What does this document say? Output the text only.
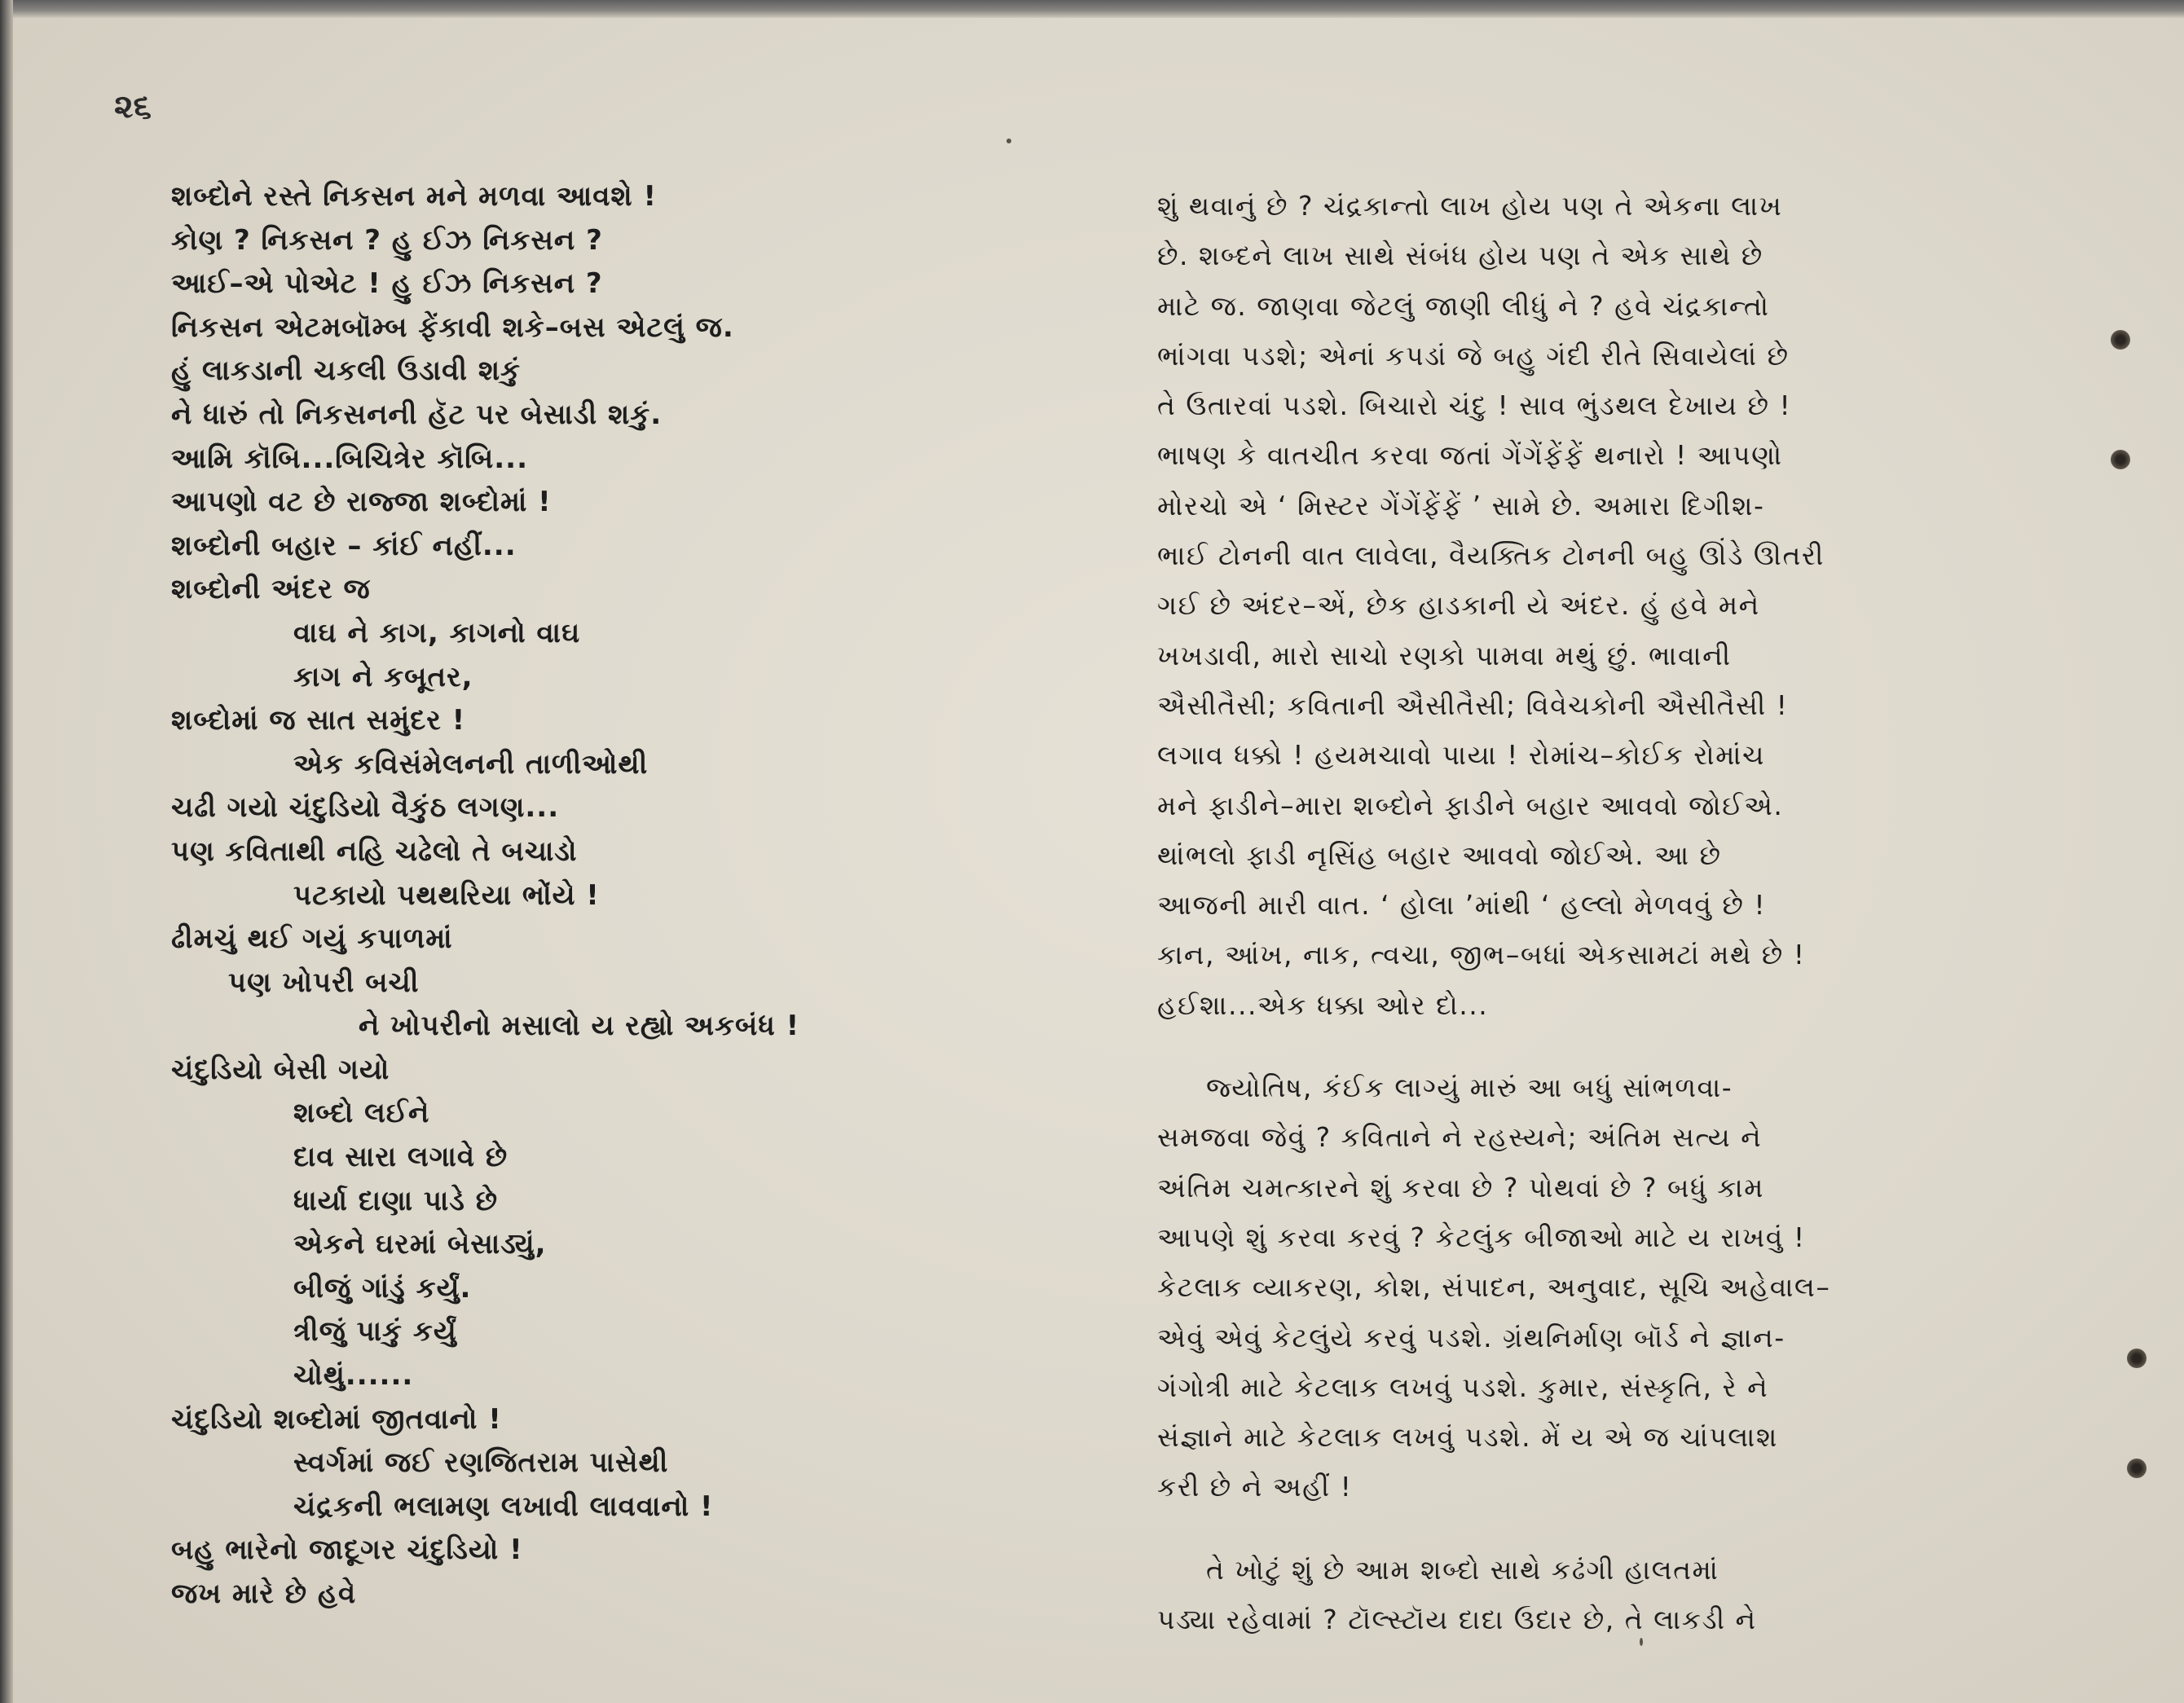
૨૬
શબ્દોને રસ્તે નિકસન મને મળવા આવશે !
કોણ ? નિકસન ? હુ ઈઝ નિકસન ?
આઈ–એ પોએટ ! હુ ઈઝ નિકસન ?
નિકસન એટમબૉમ્બ ફેંકાવી શકે–બસ એટલું જ.
હું લાકડાની ચકલી ઉડાવી શકું
ને ધારું તો નિકસનની હૅટ પર બેસાડી શકું.
આમિ કૉબિ...બિચિત્રેર કૉબિ...
આપણો વટ છે રાજ્જા શબ્દોમાં !
શબ્દોની બહાર – કાંઈ નહીં...
શબ્દોની અંદર જ
વાઘ ને કાગ, કાગનો વાઘ
કાગ ને કબૂતર,
શબ્દોમાં જ સાત સમુંદર !
એક કવિસંમેલનની તાળીઓથી
ચઢી ગયો ચંદુડિયો વૈકુંઠ લગણ...
પણ કવિતાથી નહિ ચઢેલો તે બચાડો
પટકાયો પથથરિયા ભોંયે !
ઢીમચું થઈ ગયું કપાળમાં
પણ ખોપરી બચી
ને ખોપરીનો મસાલો ય રહ્યો અકબંધ !
ચંદુડિયો બેસી ગયો
શબ્દો લઈને
દાવ સારા લગાવે છે
ધાર્યા દાણા પાડે છે
એકને ઘરમાં બેસાડ્યું,
બીજું ગાંડું કર્યું.
ત્રીજું પાકું કર્યું
ચોથું......
ચંદુડિયો શબ્દોમાં જીતવાનો !
સ્વર્ગમાં જઈ રણજિતરામ પાસેથી
ચંદ્રકની ભલામણ લખાવી લાવવાનો !
બહુ ભારેનો જાદૂગર ચંદુડિયો !
જખ મારે છે હવે
શું થવાનું છે ? ચંદ્રકાન્તો લાખ હોય પણ તે એકના લાખ
છે. શબ્દને લાખ સાથે સંબંધ હોય પણ તે એક સાથે છે
માટે જ. જાણવા જેટલું જાણી લીધું ને ? હવે ચંદ્રકાન્તો
ભાંગવા પડશે; એનાં કપડાં જે બહુ ગંદી રીતે સિવાયેલાં છે
તે ઉતારવાં પડશે. બિચારો ચંદુ ! સાવ ભુંડથલ દેખાય છે !
ભાષણ કે વાતચીત કરવા જતાં ગેંગેંફેંફેં થનારો ! આપણો
મોરચો એ ‘ મિસ્ટર ગેંગેંફેંફેં ’ સામે છે. અમારા દિગીશ-
ભાઈ ટોનની વાત લાવેલા, વૈયક્તિક ટોનની બહુ ઊંડે ઊતરી
ગઈ છે અંદર–એં, છેક હાડકાની યે અંદર. હું હવે મને
ખખડાવી, મારો સાચો રણકો પામવા મથું છું. ભાવાની
ઐસીતૈસી; કવિતાની ઐસીતૈસી; વિવેચકોની ઐસીતૈસી !
લગાવ ધક્કો ! હયમચાવો પાયા ! રોમાંચ–કોઈક રોમાંચ
મને ફાડીને–મારા શબ્દોને ફાડીને બહાર આવવો જોઈએ.
થાંભલો ફાડી નૃસિંહ બહાર આવવો જોઈએ. આ છે
આજની મારી વાત. ‘ હોલા ’માંથી ‘ હલ્લો મેળવવું છે !
કાન, આંખ, નાક, ત્વચા, જીભ–બધાં એકસામટાં મથે છે !
હઈશા...એક ધક્કા ઓર દો...
જ્યોતિષ, કંઈક લાગ્યું મારું આ બધું સાંભળવા-
સમજવા જેવું ? કવિતાને ને રહસ્યને; અંતિમ સત્ય ને
અંતિમ ચમત્કારને શું કરવા છે ? પોથવાં છે ? બધું કામ
આપણે શું કરવા કરવું ? કેટલુંક બીજાઓ માટે ય રાખવું !
કેટલાક વ્યાકરણ, કોશ, સંપાદન, અનુવાદ, સૂચિ અહેવાલ–
એવું એવું કેટલુંયે કરવું પડશે. ગ્રંથનિર્માણ બૉર્ડ ને જ્ઞાન-
ગંગોત્રી માટે કેટલાક લખવું પડશે. કુમાર, સંસ્કૃતિ, રે ને
સંજ્ઞાને માટે કેટલાક લખવું પડશે. મેં ય એ જ ચાંપલાશ
કરી છે ને અહીં !
તે ખોટું શું છે આમ શબ્દો સાથે કઢંગી હાલતમાં
પડ્યા રહેવામાં ? ટૉલ્સ્ટૉય દાદા ઉદાર છે, તે લાકડી ને
